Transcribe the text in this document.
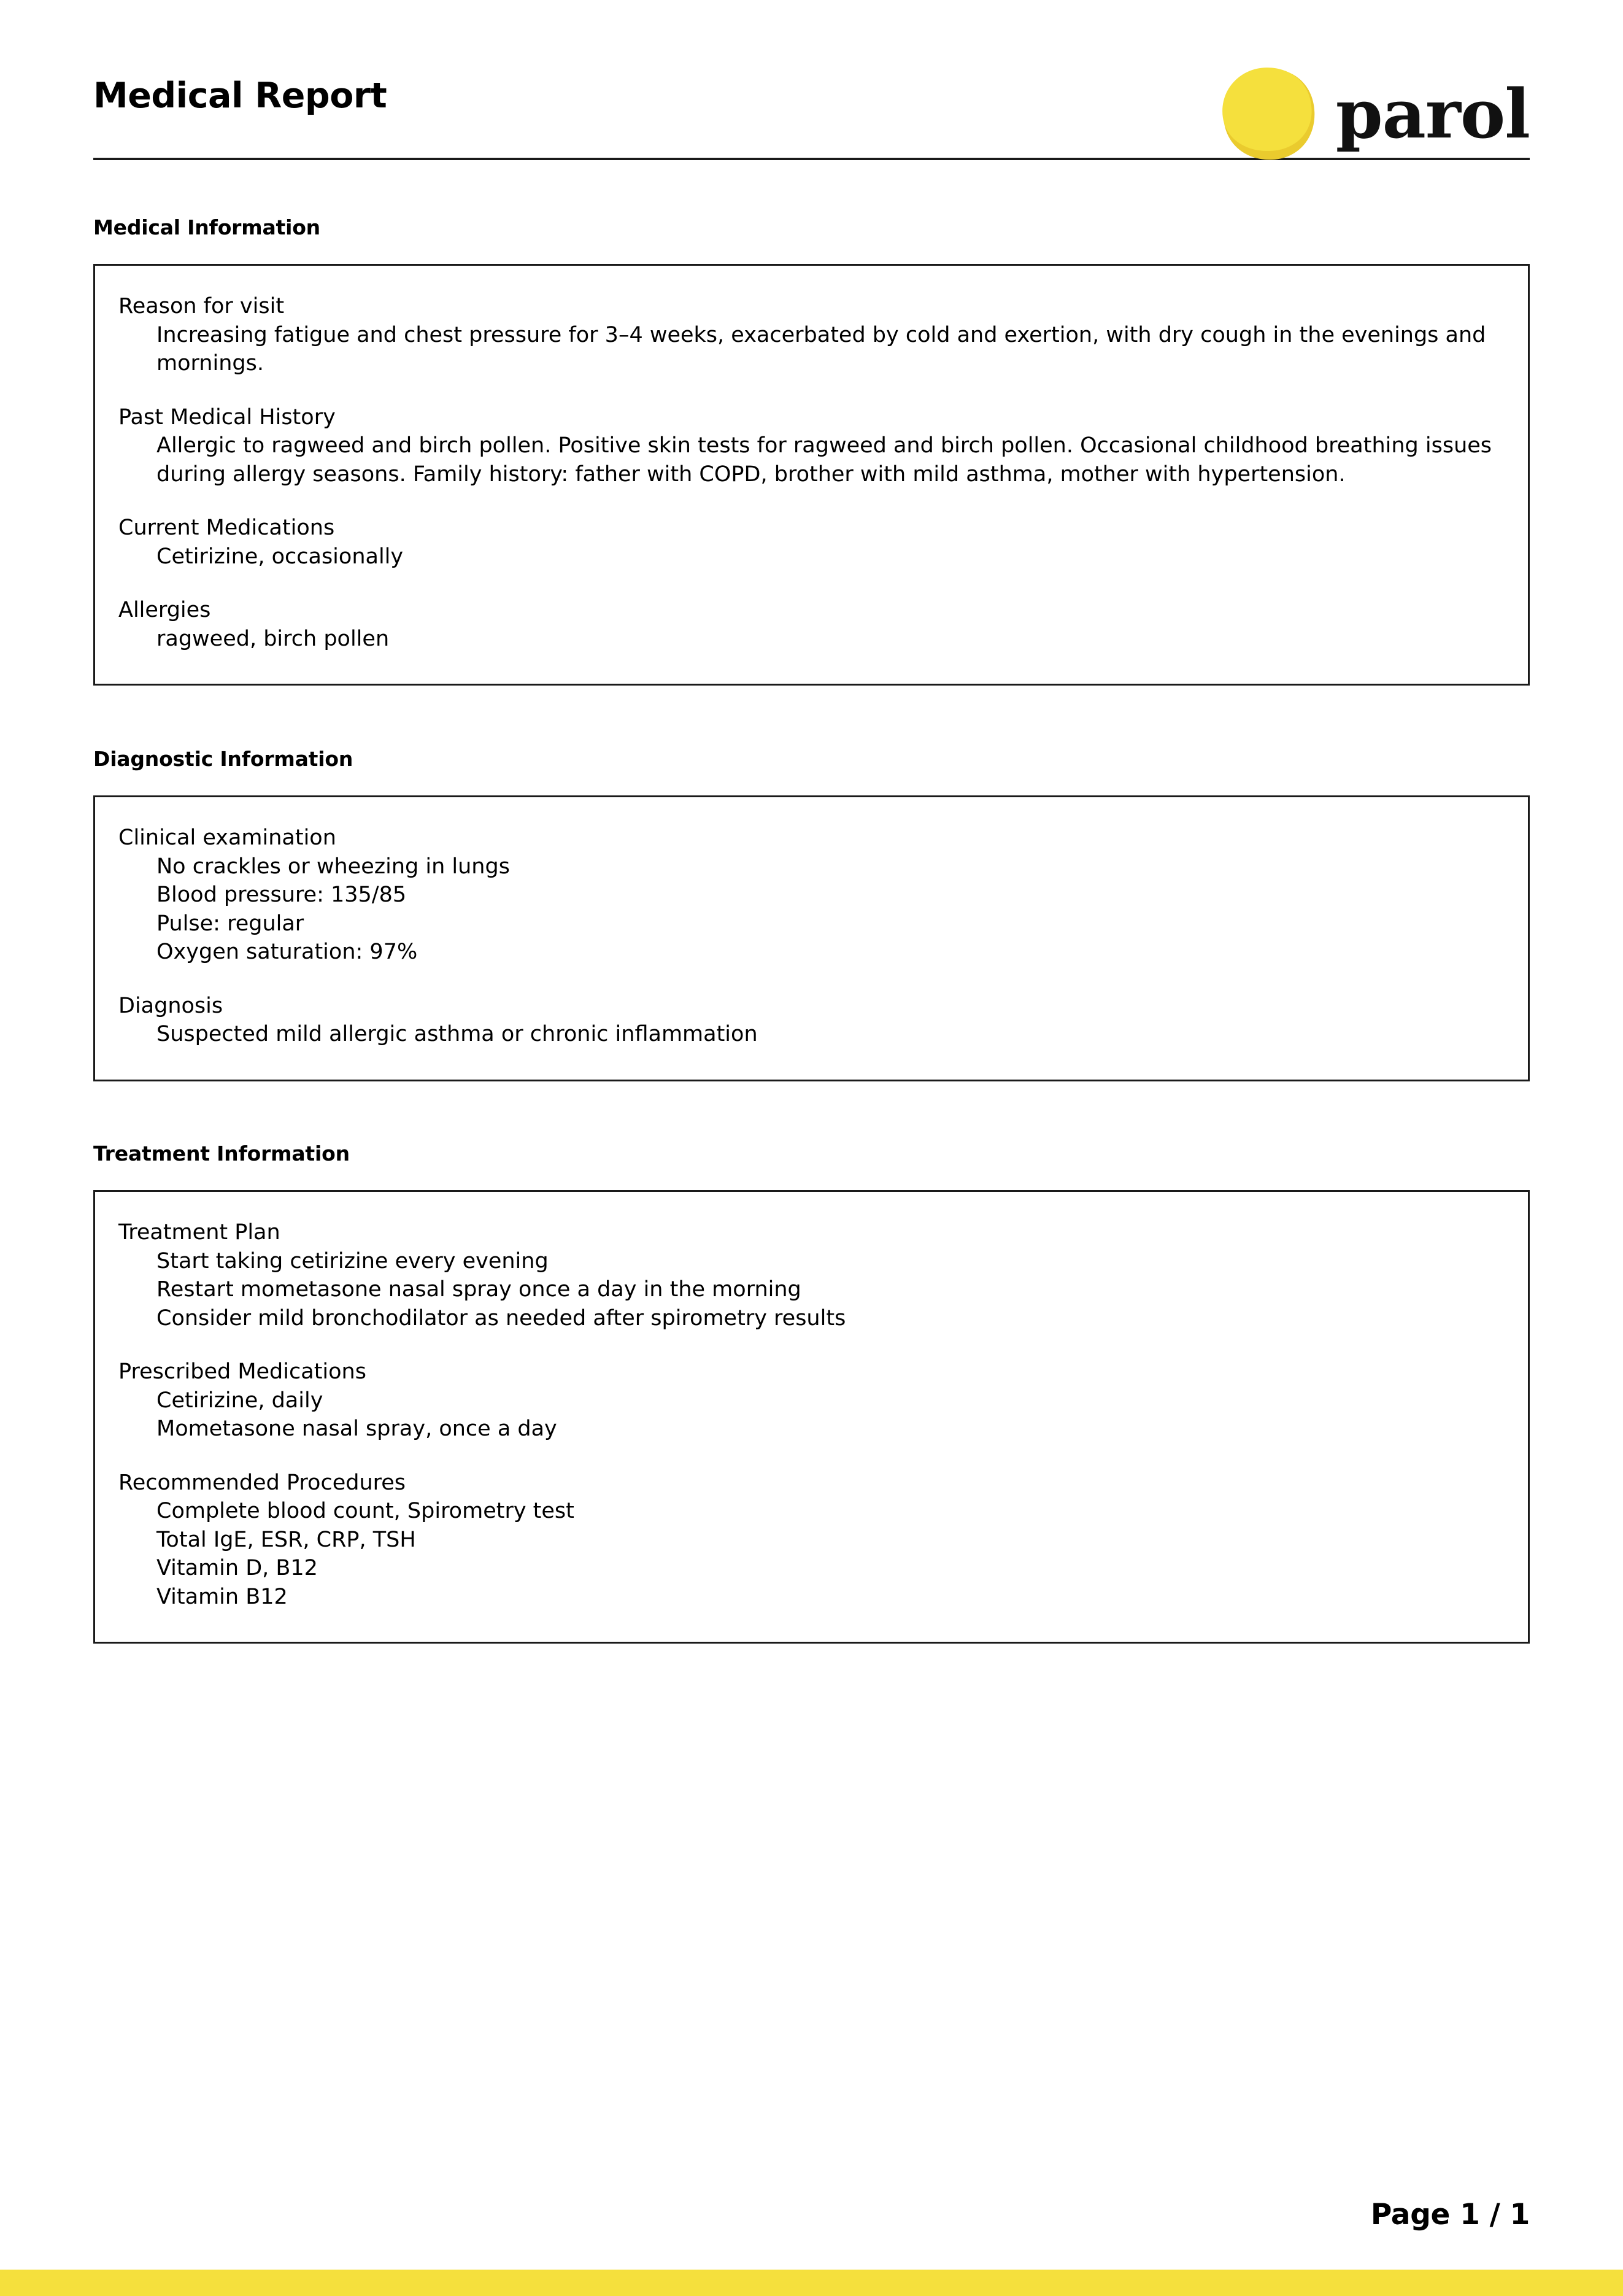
Medical Report	parol
Medical Information
Reason for visit
Increasing fatigue and chest pressure for 3–4 weeks, exacerbated by cold and exertion, with dry cough in the evenings and mornings.
Past Medical History
Allergic to ragweed and birch pollen. Positive skin tests for ragweed and birch pollen. Occasional childhood breathing issues during allergy seasons. Family history: father with COPD, brother with mild asthma, mother with hypertension.
Current Medications
Cetirizine, occasionally
Allergies
ragweed, birch pollen
Diagnostic Information
Clinical examination
No crackles or wheezing in lungs
Blood pressure: 135/85
Pulse: regular
Oxygen saturation: 97%
Diagnosis
Suspected mild allergic asthma or chronic inflammation
Treatment Information
Treatment Plan
Start taking cetirizine every evening
Restart mometasone nasal spray once a day in the morning
Consider mild bronchodilator as needed after spirometry results
Prescribed Medications
Cetirizine, daily
Mometasone nasal spray, once a day
Recommended Procedures
Complete blood count, Spirometry test
Total IgE, ESR, CRP, TSH
Vitamin D, B12
Vitamin B12
Page 1 / 1
